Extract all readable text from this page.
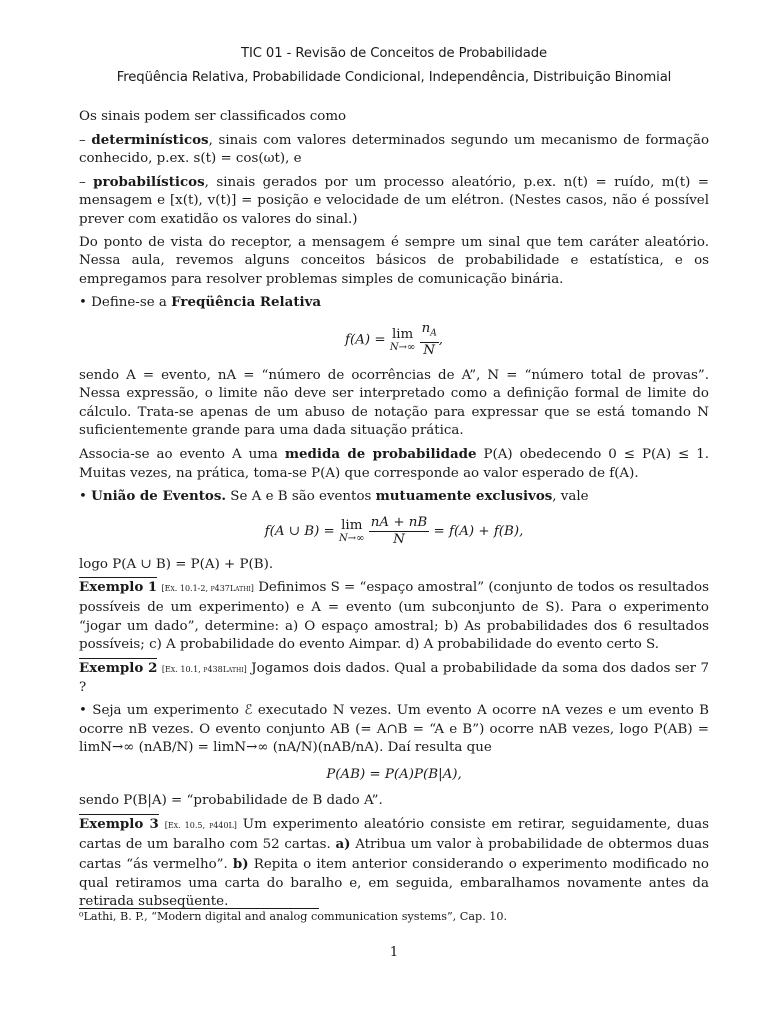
TIC 01 - Revisão de Conceitos de Probabilidade
Freqüência Relativa, Probabilidade Condicional, Independência, Distribuição Binomial

Os sinais podem ser classificados como

– determinísticos, sinais com valores determinados segundo um mecanismo de formação conhecido, p.ex. s(t) = cos(ωt), e

– probabilísticos, sinais gerados por um processo aleatório, p.ex. n(t) = ruído, m(t) = mensagem e [x(t), v(t)] = posição e velocidade de um elétron. (Nestes casos, não é possível prever com exatidão os valores do sinal.)

Do ponto de vista do receptor, a mensagem é sempre um sinal que tem caráter aleatório. Nessa aula, revemos alguns conceitos básicos de probabilidade e estatística, e os empregamos para resolver problemas simples de comunicação binária.

• Define-se a Freqüência Relativa

f(A) = lim
N→∞
$\frac{n_A}{N}$ ,

sendo A = evento, nA = “número de ocorrências de A”, N = “número total de provas”. Nessa expressão, o limite não deve ser interpretado como a definição formal de limite do cálculo. Trata-se apenas de um abuso de notação para expressar que se está tomando N suficientemente grande para uma dada situação prática.

Associa-se ao evento A uma medida de probabilidade P(A) obedecendo 0 ≤ P(A) ≤ 1. Muitas vezes, na prática, toma-se P(A) que corresponde ao valor esperado de f(A).

• União de Eventos. Se A e B são eventos mutuamente exclusivos, vale

f(A ∪ B) = lim
N→∞
$\frac{nA + nB}{N} = f(A) + f(B)$,

logo P(A ∪ B) = P(A) + P(B).

Exemplo 1 [Ex. 10.1-2, p437Lathi] Definimos S = “espaço amostral” (conjunto de todos os resultados possíveis de um experimento) e A = evento (um subconjunto de S). Para o experimento “jogar um dado”, determine: a) O espaço amostral; b) As probabilidades dos 6 resultados possíveis; c) A probabilidade do evento Aimpar. d) A probabilidade do evento certo S.

Exemplo 2 [Ex. 10.1, p438Lathi] Jogamos dois dados. Qual a probabilidade da soma dos dados ser 7 ?

• Seja um experimento ℰ executado N vezes. Um evento A ocorre nA vezes e um evento B ocorre nB vezes. O evento conjunto AB (= A∩B = “A e B”) ocorre nAB vezes, logo P(AB) = limN→∞ (nAB/N) = limN→∞ (nA/N)(nAB/nA). Daí resulta que

P(AB) = P(A)P(B|A),

sendo P(B|A) = “probabilidade de B dado A”.

Exemplo 3 [Ex. 10.5, p440L] Um experimento aleatório consiste em retirar, seguidamente, duas cartas de um baralho com 52 cartas. a) Atribua um valor à probabilidade de obtermos duas cartas “ás vermelho”. b) Repita o item anterior considerando o experimento modificado no qual retiramos uma carta do baralho e, em seguida, embaralhamos novamente antes da retirada subseqüente.

⁰Lathi, B. P., “Modern digital and analog communication systems”, Cap. 10.
1
